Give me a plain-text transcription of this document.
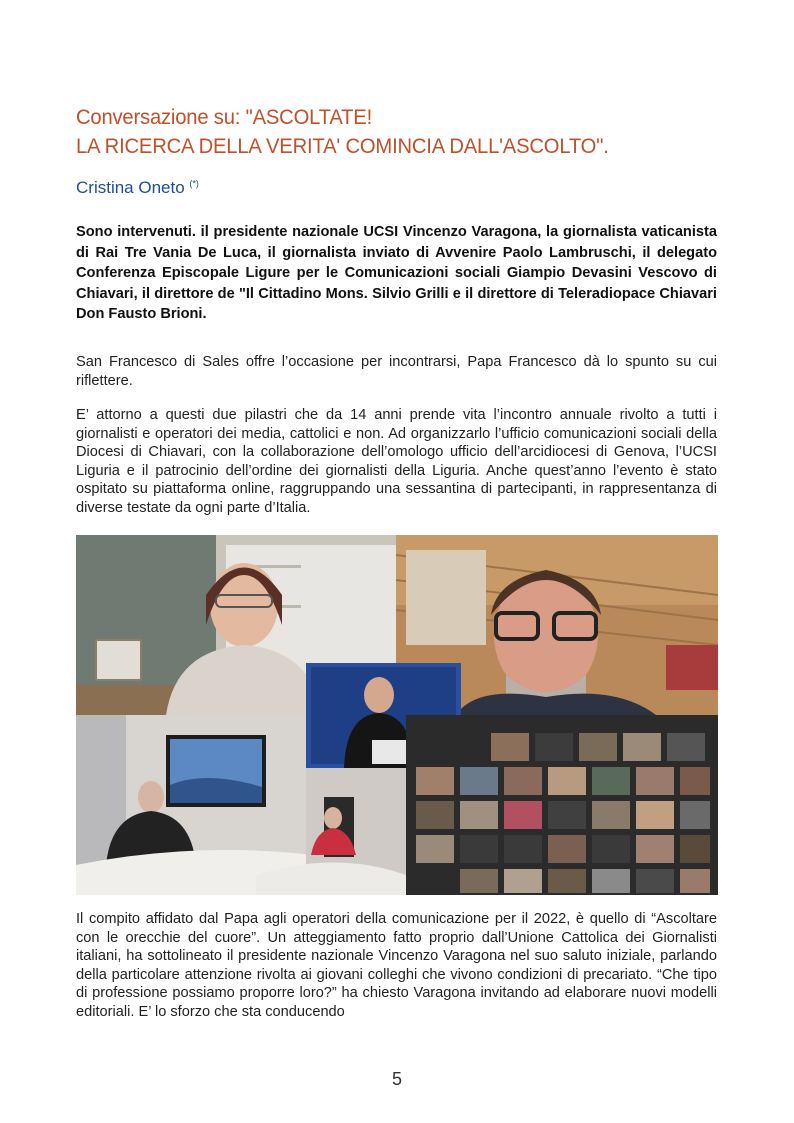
Conversazione su: "ASCOLTATE!
LA RICERCA DELLA VERITA' COMINCIA DALL'ASCOLTO".
Cristina Oneto (*)
Sono intervenuti. il presidente nazionale UCSI Vincenzo Varagona, la giornalista vaticanista di Rai Tre Vania De Luca, il giornalista inviato di Avvenire Paolo Lambruschi, il delegato Conferenza Episcopale Ligure per le Comunicazioni sociali Giampio Devasini Vescovo di Chiavari, il direttore de "Il Cittadino Mons. Silvio Grilli e il direttore di Teleradiopace Chiavari Don Fausto Brioni.
San Francesco di Sales offre l’occasione per incontrarsi, Papa Francesco dà lo spunto su cui riflettere.
E’ attorno a questi due pilastri che da 14 anni prende vita l’incontro annuale rivolto a tutti i giornalisti e operatori dei media, cattolici e non. Ad organizzarlo l’ufficio comunicazioni sociali della Diocesi di Chiavari, con la collaborazione dell’omologo ufficio dell’arcidiocesi di Genova, l’UCSI Liguria e il patrocinio dell’ordine dei giornalisti della Liguria. Anche quest’anno l’evento è stato ospitato su piattaforma online, raggruppando una sessantina di partecipanti, in rappresentanza di diverse testate da ogni parte d’Italia.
Il compito affidato dal Papa agli operatori della comunicazione per il 2022, è quello di “Ascoltare con le orecchie del cuore”. Un atteggiamento fatto proprio dall’Unione Cattolica dei Giornalisti italiani, ha sottolineato il presidente nazionale Vincenzo Varagona nel suo saluto iniziale, parlando della particolare attenzione rivolta ai giovani colleghi che vivono condizioni di precariato. “Che tipo di professione possiamo proporre loro?” ha chiesto Varagona invitando ad elaborare nuovi modelli editoriali. E’ lo sforzo che sta conducendo
5
